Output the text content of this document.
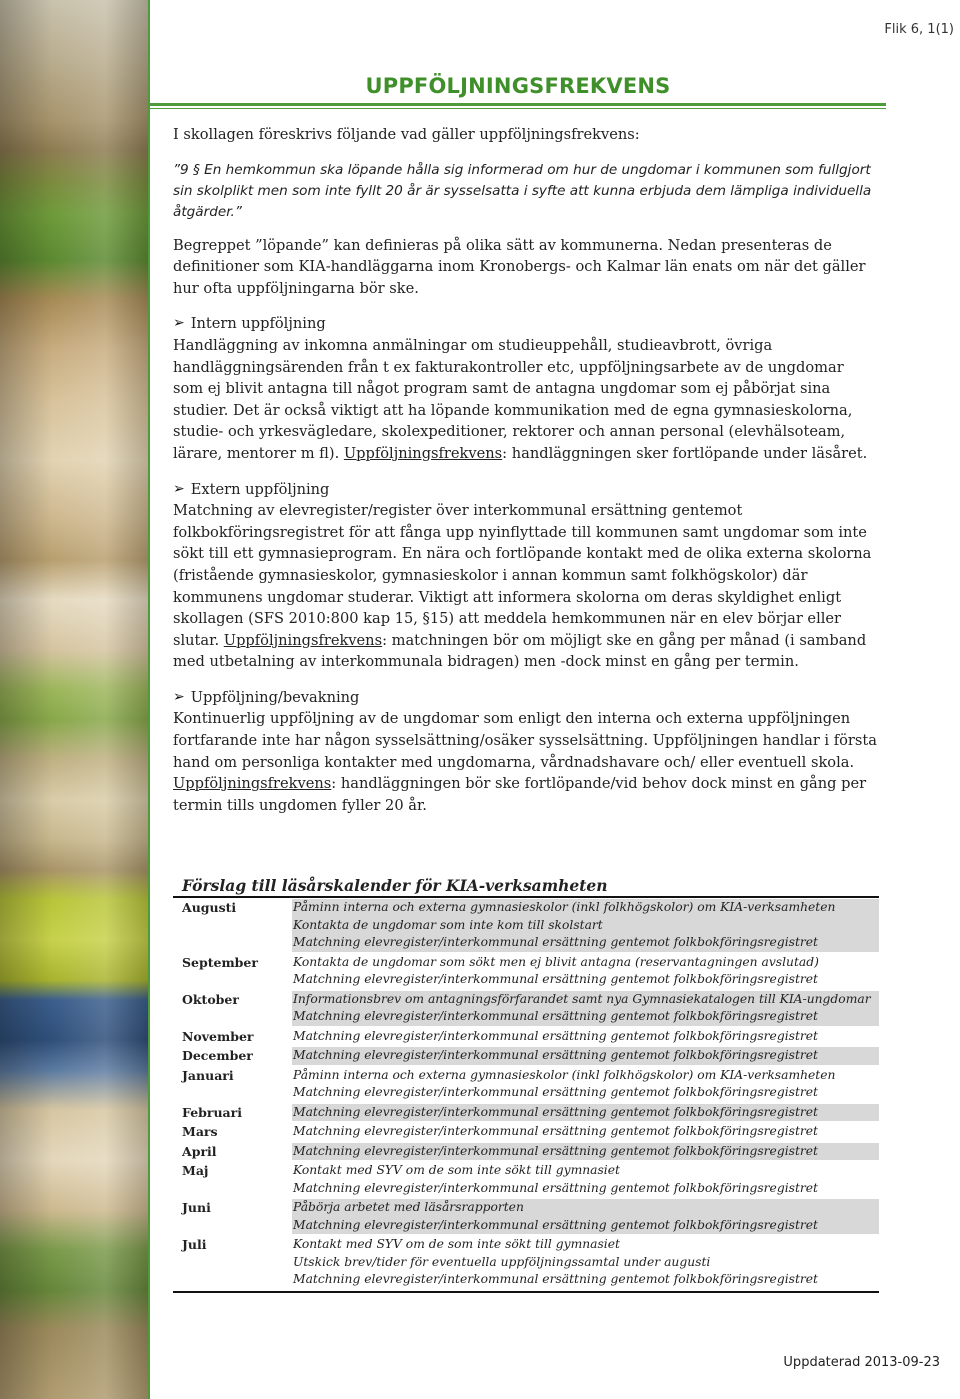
Flik 6, 1(1)
UPPFÖLJNINGSFREKVENS

I skollagen föreskrivs följande vad gäller uppföljningsfrekvens:

”9 § En hemkommun ska löpande hålla sig informerad om hur de ungdomar i kommunen som fullgjort sin skolplikt men som inte fyllt 20 år är sysselsatta i syfte att kunna erbjuda dem lämpliga individuella åtgärder.”

Begreppet ”löpande” kan definieras på olika sätt av kommunerna. Nedan presenteras de definitioner som KIA-handläggarna inom Kronobergs- och Kalmar län enats om när det gäller hur ofta uppföljningarna bör ske.

➢ Intern uppföljning

Handläggning av inkomna anmälningar om studieuppehåll, studieavbrott, övriga handläggningsärenden från t ex fakturakontroller etc, uppföljningsarbete av de ungdomar som ej blivit antagna till något program samt de antagna ungdomar som ej påbörjat sina studier. Det är också viktigt att ha löpande kommunikation med de egna gymnasieskolorna, studie- och yrkesvägledare, skolexpeditioner, rektorer och annan personal (elevhälsoteam, lärare, mentorer m fl). Uppföljningsfrekvens: handläggningen sker fortlöpande under läsåret.

➢ Extern uppföljning

Matchning av elevregister/register över interkommunal ersättning gentemot folkbokföringsregistret för att fånga upp nyinflyttade till kommunen samt ungdomar som inte sökt till ett gymnasieprogram. En nära och fortlöpande kontakt med de olika externa skolorna (fristående gymnasieskolor, gymnasieskolor i annan kommun samt folkhögskolor) där kommunens ungdomar studerar. Viktigt att informera skolorna om deras skyldighet enligt skollagen (SFS 2010:800 kap 15, §15) att meddela hemkommunen när en elev börjar eller slutar. Uppföljningsfrekvens: matchningen bör om möjligt ske en gång per månad (i samband med utbetalning av interkommunala bidragen) men -dock minst en gång per termin.

➢ Uppföljning/bevakning

Kontinuerlig uppföljning av de ungdomar som enligt den interna och externa uppföljningen fortfarande inte har någon sysselsättning/osäker sysselsättning. Uppföljningen handlar i första hand om personliga kontakter med ungdomarna, vårdnadshavare och/ eller eventuell skola. Uppföljningsfrekvens: handläggningen bör ske fortlöpande/vid behov dock minst en gång per termin tills ungdomen fyller 20 år.

Förslag till läsårskalender för KIA-verksamheten
Augusti	Påminn interna och externa gymnasieskolor (inkl folkhögskolor) om KIA-verksamheten
Kontakta de ungdomar som inte kom till skolstart
Matchning elevregister/interkommunal ersättning gentemot folkbokföringsregistret
September	Kontakta de ungdomar som sökt men ej blivit antagna (reservantagningen avslutad)
Matchning elevregister/interkommunal ersättning gentemot folkbokföringsregistret
Oktober	Informationsbrev om antagningsförfarandet samt nya Gymnasiekatalogen till KIA-ungdomar
Matchning elevregister/interkommunal ersättning gentemot folkbokföringsregistret
November	Matchning elevregister/interkommunal ersättning gentemot folkbokföringsregistret
December	Matchning elevregister/interkommunal ersättning gentemot folkbokföringsregistret
Januari	Påminn interna och externa gymnasieskolor (inkl folkhögskolor) om KIA-verksamheten
Matchning elevregister/interkommunal ersättning gentemot folkbokföringsregistret
Februari	Matchning elevregister/interkommunal ersättning gentemot folkbokföringsregistret
Mars	Matchning elevregister/interkommunal ersättning gentemot folkbokföringsregistret
April	Matchning elevregister/interkommunal ersättning gentemot folkbokföringsregistret
Maj	Kontakt med SYV om de som inte sökt till gymnasiet
Matchning elevregister/interkommunal ersättning gentemot folkbokföringsregistret
Juni	Påbörja arbetet med läsårsrapporten
Matchning elevregister/interkommunal ersättning gentemot folkbokföringsregistret
Juli	Kontakt med SYV om de som inte sökt till gymnasiet
Utskick brev/tider för eventuella uppföljningssamtal under augusti
Matchning elevregister/interkommunal ersättning gentemot folkbokföringsregistret
Uppdaterad 2013-09-23
